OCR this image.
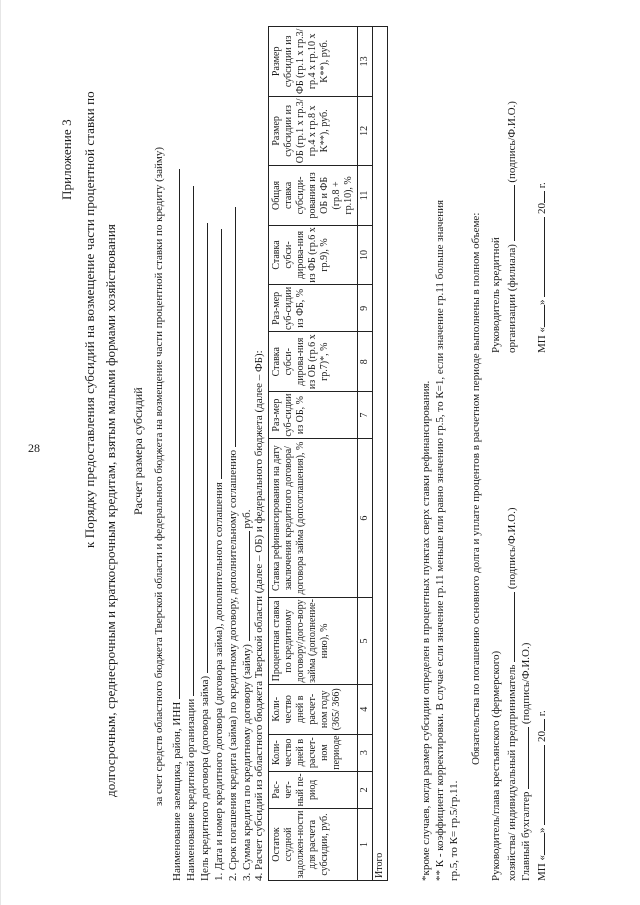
28
Приложение 3 к Порядку предоставления субсидий на возмещение части процентной ставки по долгосрочным, среднесрочным и краткосрочным кредитам, взятым малыми формами хозяйствования Расчет размера субсидий за счет средств областного бюджета Тверской области и федерального бюджета на возмещение части процентной ставки по кредиту (займу) Наименование заемщика, район, ИНН Наименование кредитной организации Цель кредитного договора (договора займа) 1. Дата и номер кредитного договора (договора займа), дополнительного соглашения 2. Срок погашения кредита (займа) по кредитному договору, дополнительному соглашению 3. Сумма кредита по кредитному договору (займу)  руб. 4. Расчет субсидий из областного бюджета Тверской области (далее – ОБ) и федерального бюджета (далее – ФБ): Остаток ссудной задолжен-ности для расчета субсидии, руб.	Рас-чет-ный пе-риод	Коли-чество дней в расчет-ном периоде	Коли-чество дней в расчет-ном году (365/ 366)	Процентная ставка по кредитному договору/дого-вору займа (дополнение-нию), %	Ставка рефинансирования на дату заключения кредитного договора/договора займа (допсоглашения), %	Раз-мер суб-сидии из ОБ, %	Ставка субси-дирова-ния из ОБ (гр.6 х гр.7)*, %	Раз-мер суб-сидии из ФБ, %	Ставка субси-дирова-ния из ФБ (гр.6 х гр.9), %	Общая ставка субсиди-рования из ОБ и ФБ (гр.8 + гр.10), %	Размер субсидии из ОБ (гр.1 х гр.3/гр.4 х гр.8 х K**), руб.	Размер субсидии из ФБ (гр.1 х гр.3/гр.4 х гр.10 х K**), руб.
1	2	3	4	5	6	7	8	9	10	11	12	13
Итого													*кроме случаев, когда размер субсидии определен в процентных пунктах сверх ставки рефинансирования. ** К - коэффициент корректировки. В случае если значение гр.11 меньше или равно значению гр.5, то К=1, если значение гр.11 больше значения гр.5, то К= гр.5/гр.11.
Обязательства по погашению основного долга и уплате процентов в расчетном периоде выполнены в полном объеме:
Руководитель/глава крестьянского (фермерского) хозяйства/ индивидуальный предприниматель  (подпись/Ф.И.О.)
Главный бухгалтер  (подпись/Ф.И.О.)
МП «»  20 г.
Руководитель кредитной организации (филиала)  (подпись/Ф.И.О.)
МП «»  20 г.
